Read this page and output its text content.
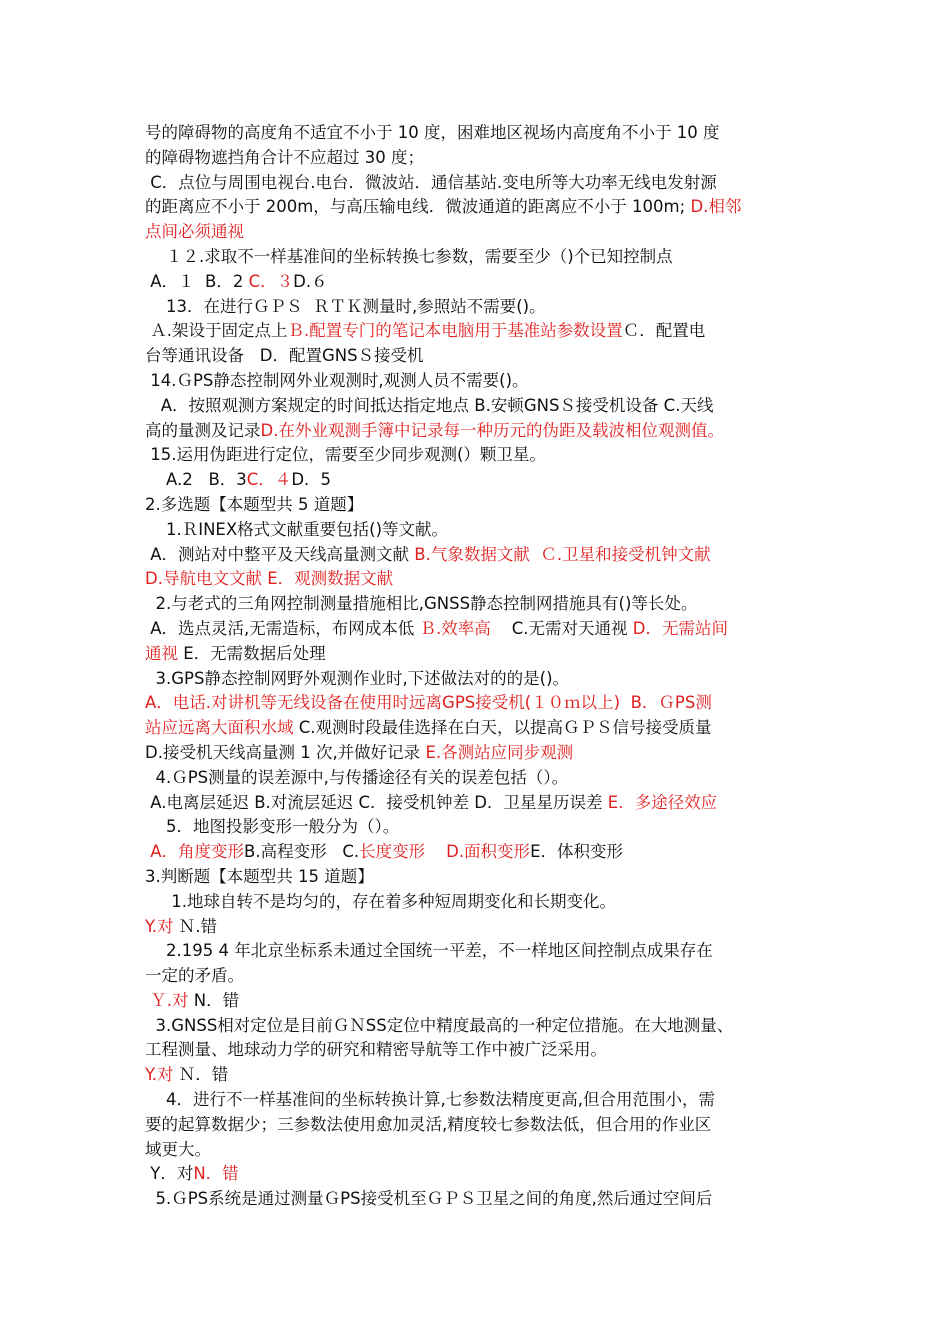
号的障碍物的高度角不适宜不小于 10 度，困难地区视场内高度角不小于 10 度
的障碍物遮挡角合计不应超过 30 度；
C．点位与周围电视台.电台．微波站．通信基站.变电所等大功率无线电发射源
的距离应不小于 200m，与高压输电线．微波通道的距离应不小于 100m; D.相邻
点间必须通视
１２.求取不一样基准间的坐标转换七参数，需要至少（)个已知控制点
A．１  B．2 C．３D.６
13．在进行ＧＰＳ  ＲＴＫ测量时,参照站不需要()。
Ａ.架设于固定点上Ｂ.配置专门的笔记本电脑用于基准站参数设置Ｃ．配置电
台等通讯设备   D．配置GNSＳ接受机
14.ＧPS静态控制网外业观测时,观测人员不需要()。
A．按照观测方案规定的时间抵达指定地点 B.安顿GNSＳ接受机设备 C.天线
高的量测及记录D.在外业观测手簿中记录每一种历元的伪距及载波相位观测值。
15.运用伪距进行定位，需要至少同步观测(）颗卫星。
A.2   B．3C．４D．5
2.多选题【本题型共 5 道题】
1.ＲINEX格式文献重要包括()等文献。
A．测站对中整平及天线高量测文献 B.气象数据文献  Ｃ.卫星和接受机钟文献
D.导航电文文献 E．观测数据文献
2.与老式的三角网控制测量措施相比,GNSS静态控制网措施具有()等长处。
A．选点灵活,无需造标，布网成本低 Ｂ.效率高    C.无需对天通视 D．无需站间
通视 E．无需数据后处理
3.GPS静态控制网野外观测作业时,下述做法对的的是()。
A．电话.对讲机等无线设备在使用时远离GPS接受机(１０ｍ以上)  B．ＧPS测
站应远离大面积水域 C.观测时段最佳选择在白天，以提高ＧＰＳ信号接受质量
D.接受机天线高量测 1 次,并做好记录 E.各测站应同步观测
4.ＧPS测量的误差源中,与传播途径有关的误差包括（）。
A.电离层延迟 B.对流层延迟 C．接受机钟差 D．卫星星历误差 E．多途径效应
5．地图投影变形一般分为（）。
A．角度变形B.高程变形   C.长度变形 D.面积变形E．体积变形
3.判断题【本题型共 15 道题】
1.地球自转不是均匀的，存在着多种短周期变化和长期变化。
Y.对 Ｎ.错
2.195 4 年北京坐标系未通过全国统一平差，不一样地区间控制点成果存在
一定的矛盾。
Ｙ.对 N．错
3.GNSS相对定位是目前ＧＮSS定位中精度最高的一种定位措施。在大地测量、
工程测量、地球动力学的研究和精密导航等工作中被广泛采用。
Y.对 Ｎ．错
4．进行不一样基准间的坐标转换计算,七参数法精度更高,但合用范围小，需
要的起算数据少；三参数法使用愈加灵活,精度较七参数法低，但合用的作业区
域更大。
Y．对N．错
5.ＧPS系统是通过测量ＧPS接受机至ＧＰＳ卫星之间的角度,然后通过空间后
